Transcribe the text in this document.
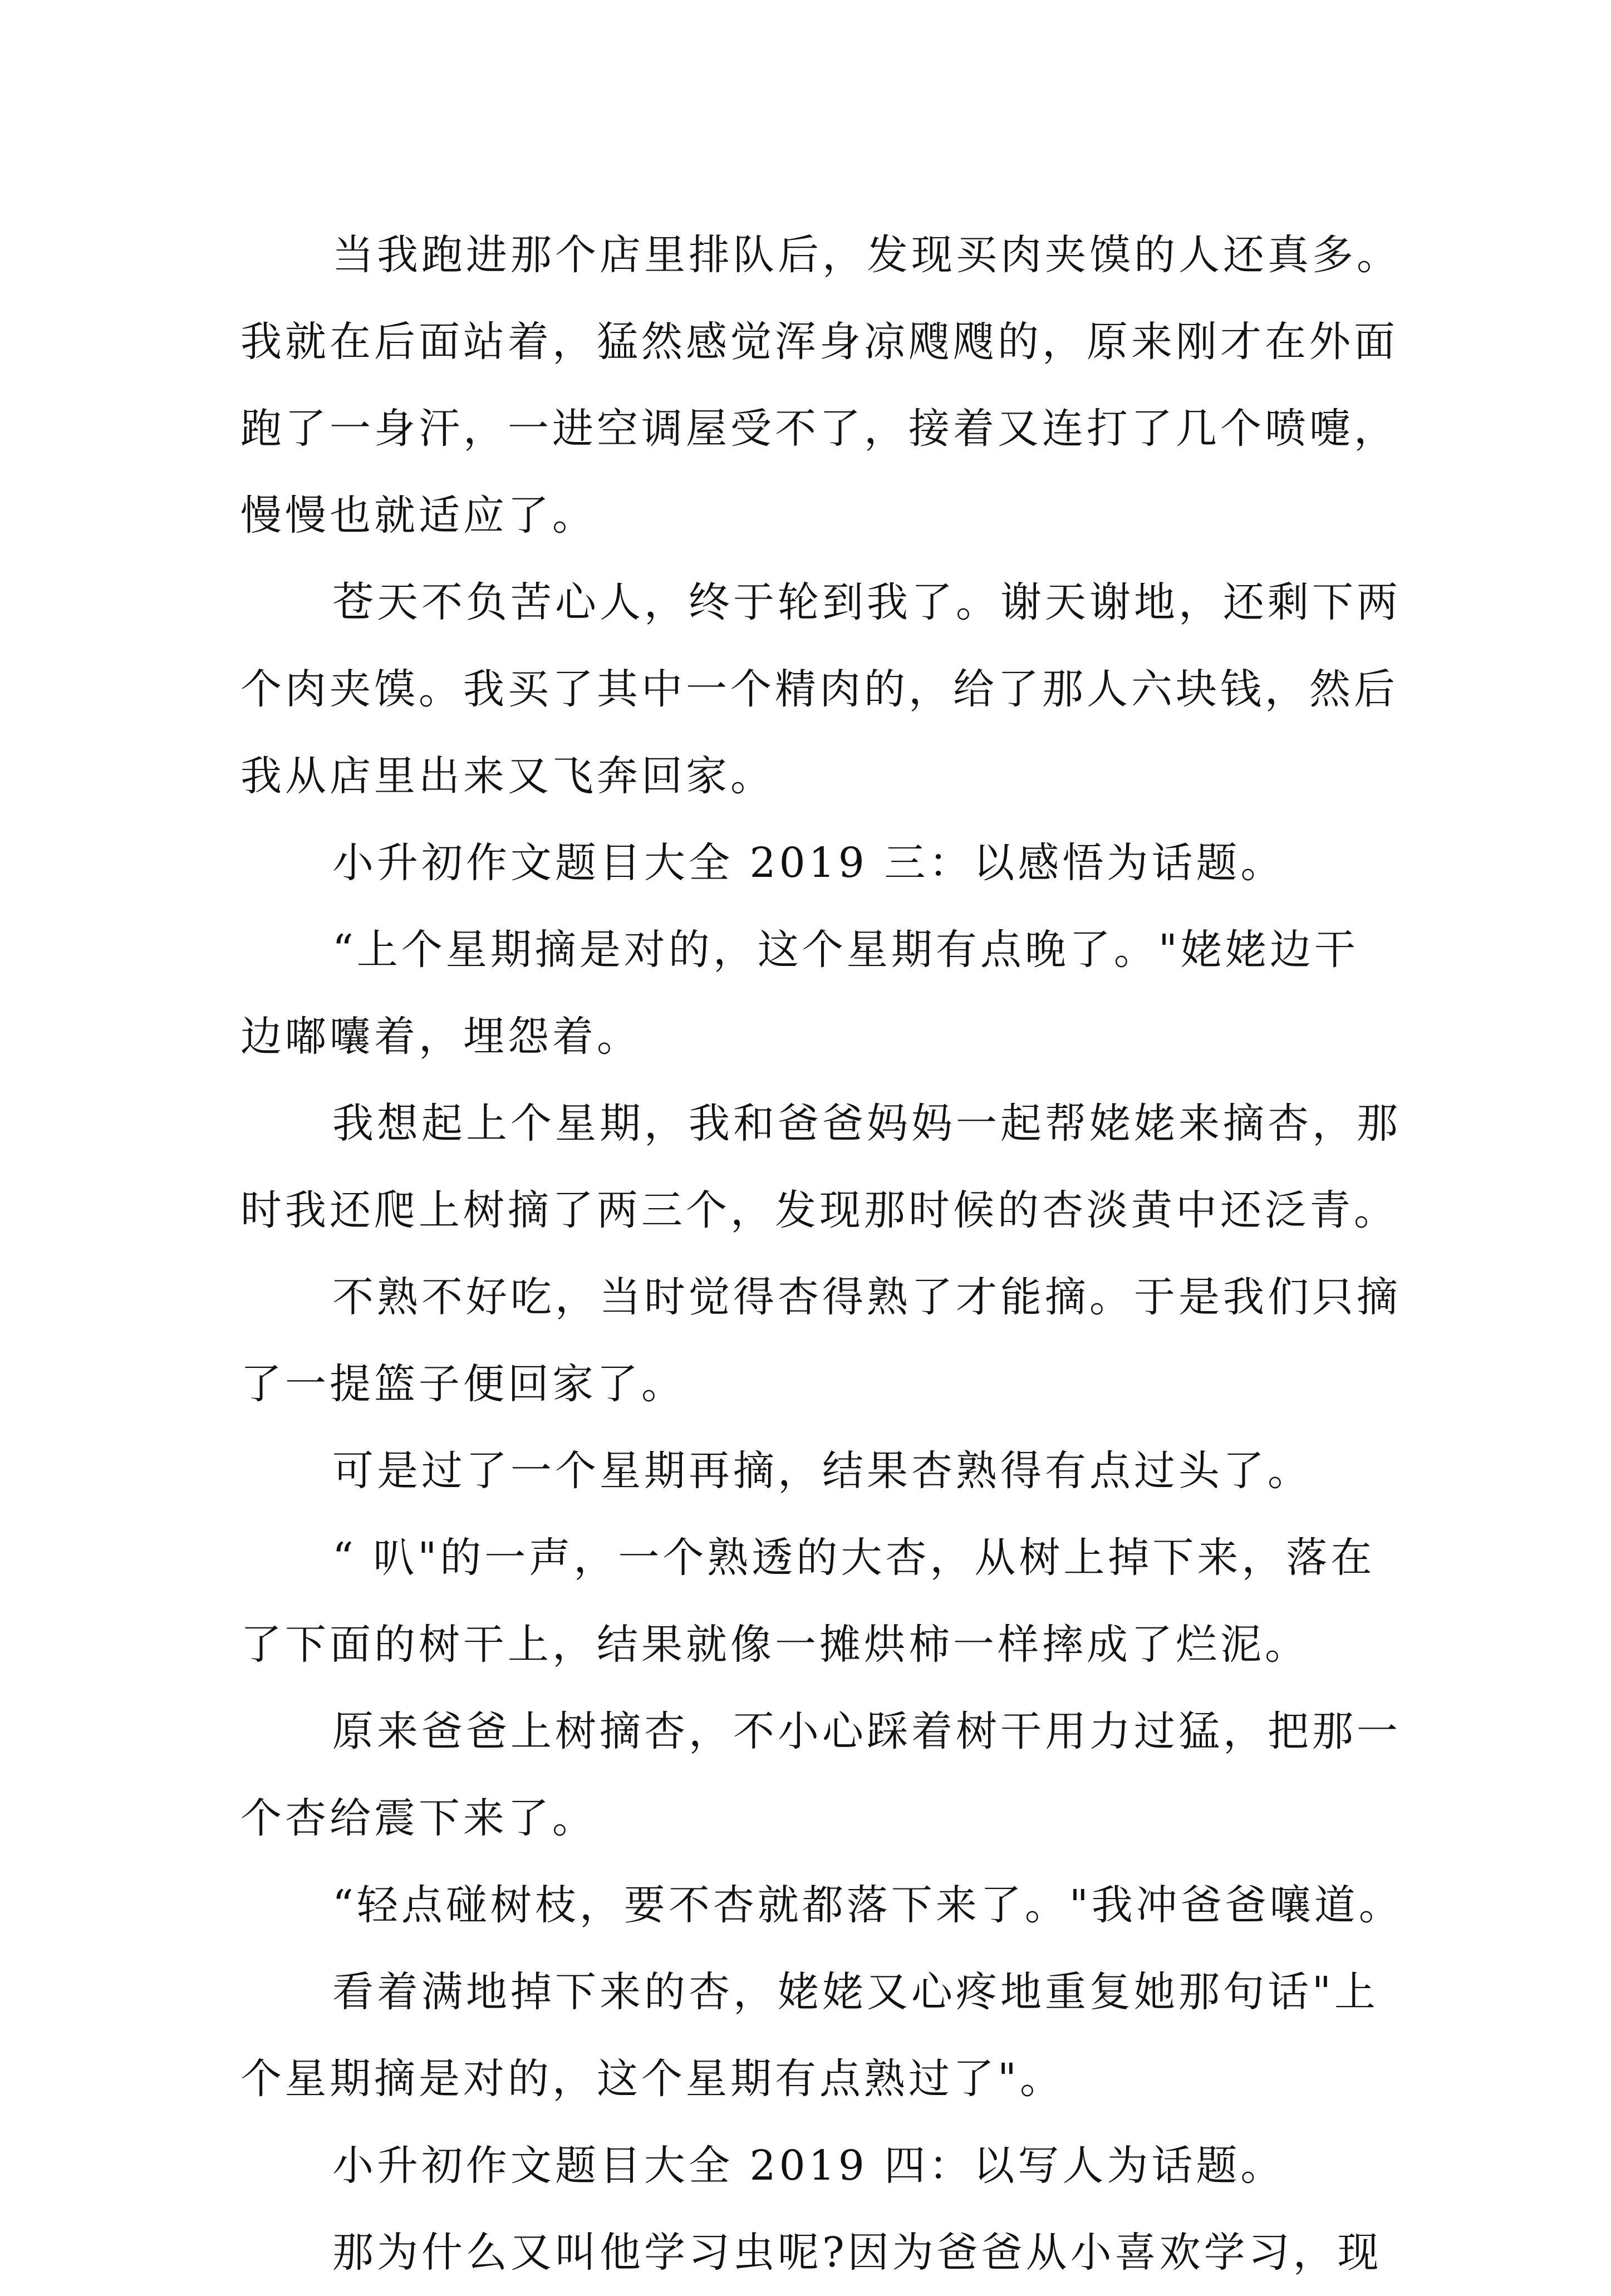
当我跑进那个店里排队后，发现买肉夹馍的人还真多。
我就在后面站着，猛然感觉浑身凉飕飕的，原来刚才在外面
跑了一身汗，一进空调屋受不了，接着又连打了几个喷嚏，
慢慢也就适应了。
苍天不负苦心人，终于轮到我了。谢天谢地，还剩下两
个肉夹馍。我买了其中一个精肉的，给了那人六块钱，然后
我从店里出来又飞奔回家。
小升初作文题目大全 2019 三：以感悟为话题。
“上个星期摘是对的，这个星期有点晚了。"姥姥边干
边嘟囔着，埋怨着。
我想起上个星期，我和爸爸妈妈一起帮姥姥来摘杏，那
时我还爬上树摘了两三个，发现那时候的杏淡黄中还泛青。
不熟不好吃，当时觉得杏得熟了才能摘。于是我们只摘
了一提篮子便回家了。
可是过了一个星期再摘，结果杏熟得有点过头了。
“ 叭"的一声，一个熟透的大杏，从树上掉下来，落在
了下面的树干上，结果就像一摊烘柿一样摔成了烂泥。
原来爸爸上树摘杏，不小心踩着树干用力过猛，把那一
个杏给震下来了。
“轻点碰树枝，要不杏就都落下来了。"我冲爸爸嚷道。
看着满地掉下来的杏，姥姥又心疼地重复她那句话"上
个星期摘是对的，这个星期有点熟过了"。
小升初作文题目大全 2019 四：以写人为话题。
那为什么又叫他学习虫呢?因为爸爸从小喜欢学习，现
